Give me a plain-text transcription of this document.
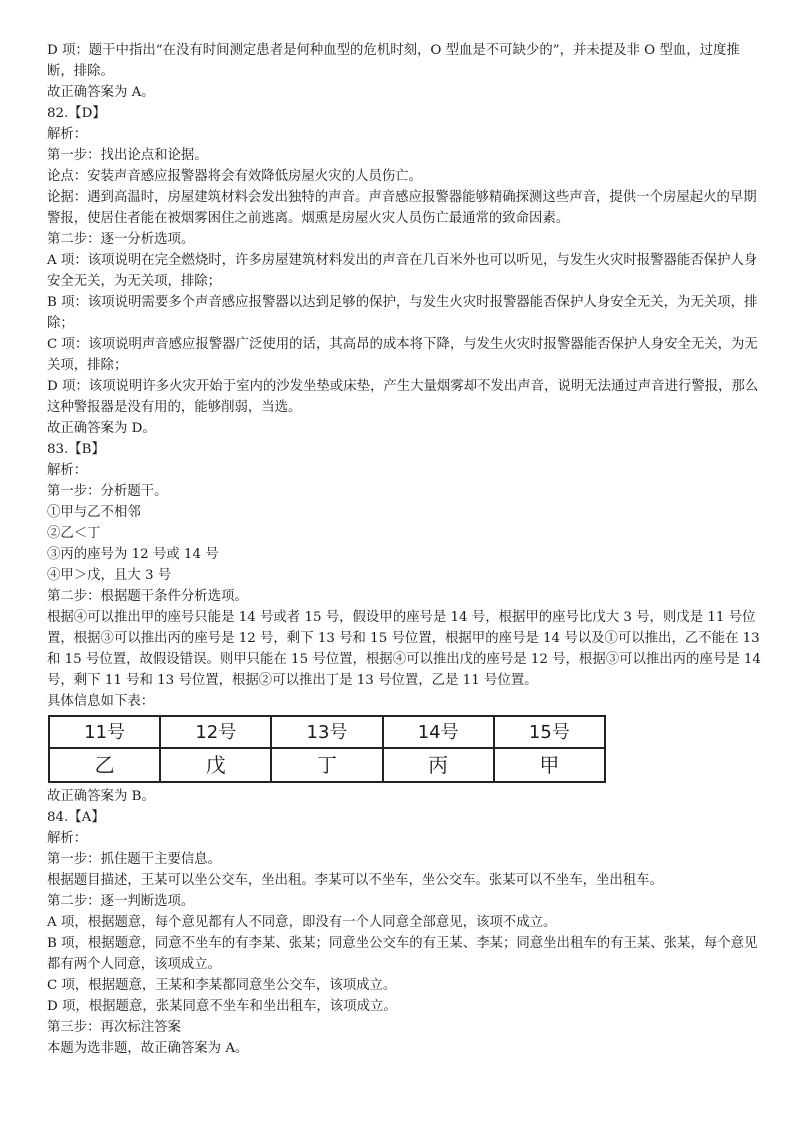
D 项：题干中指出“在没有时间测定患者是何种血型的危机时刻，O 型血是不可缺少的”，并未提及非 O 型血，过度推断，排除。

故正确答案为 A。

82.【D】

解析：

第一步：找出论点和论据。

论点：安装声音感应报警器将会有效降低房屋火灾的人员伤亡。

论据：遇到高温时，房屋建筑材料会发出独特的声音。声音感应报警器能够精确探测这些声音，提供一个房屋起火的早期警报，使居住者能在被烟雾困住之前逃离。烟熏是房屋火灾人员伤亡最通常的致命因素。

第二步：逐一分析选项。

A 项：该项说明在完全燃烧时，许多房屋建筑材料发出的声音在几百米外也可以听见，与发生火灾时报警器能否保护人身安全无关，为无关项，排除；

B 项：该项说明需要多个声音感应报警器以达到足够的保护，与发生火灾时报警器能否保护人身安全无关，为无关项，排除；

C 项：该项说明声音感应报警器广泛使用的话，其高昂的成本将下降，与发生火灾时报警器能否保护人身安全无关，为无关项，排除；

D 项：该项说明许多火灾开始于室内的沙发坐垫或床垫，产生大量烟雾却不发出声音，说明无法通过声音进行警报，那么这种警报器是没有用的，能够削弱，当选。

故正确答案为 D。

83.【B】

解析：

第一步：分析题干。

①甲与乙不相邻

②乙＜丁

③丙的座号为 12 号或 14 号

④甲＞戊，且大 3 号

第二步：根据题干条件分析选项。

根据④可以推出甲的座号只能是 14 号或者 15 号，假设甲的座号是 14 号，根据甲的座号比戊大 3 号，则戊是 11 号位置，根据③可以推出丙的座号是 12 号，剩下 13 号和 15 号位置，根据甲的座号是 14 号以及①可以推出，乙不能在 13　和 15 号位置，故假设错误。则甲只能在 15 号位置，根据④可以推出戊的座号是 12 号，根据③可以推出丙的座号是 14 号，剩下 11 号和 13 号位置，根据②可以推出丁是 13 号位置，乙是 11 号位置。

具体信息如下表：

11号	12号	13号	14号	15号
乙	戊	丁	丙	甲

故正确答案为 B。

84.【A】

解析：

第一步：抓住题干主要信息。

根据题目描述，王某可以坐公交车，坐出租。李某可以不坐车，坐公交车。张某可以不坐车，坐出租车。

第二步：逐一判断选项。

A 项，根据题意，每个意见都有人不同意，即没有一个人同意全部意见，该项不成立。

B 项，根据题意，同意不坐车的有李某、张某；同意坐公交车的有王某、李某；同意坐出租车的有王某、张某，每个意见都有两个人同意，该项成立。

C 项，根据题意，王某和李某都同意坐公交车，该项成立。

D 项，根据题意，张某同意不坐车和坐出租车，该项成立。

第三步：再次标注答案

本题为选非题，故正确答案为 A。
